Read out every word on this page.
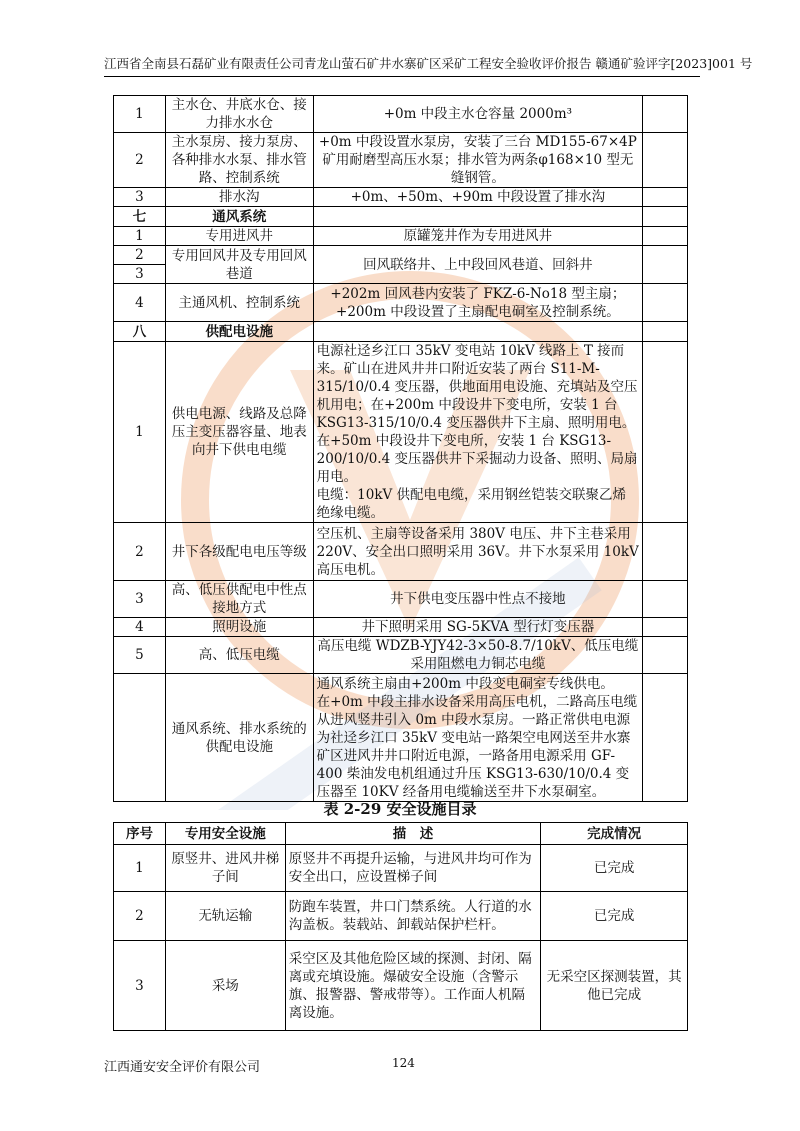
江西省全南县石磊矿业有限责任公司青龙山萤石矿井水寨矿区采矿工程安全验收评价报告 赣通矿验评字[2023]001 号
1	主水仓、井底水仓、接力排水水仓	+0m 中段主水仓容量 2000m³	
2	主水泵房、接力泵房、各种排水水泵、排水管路、控制系统	+0m 中段设置水泵房，安装了三台 MD155-67×4P 矿用耐磨型高压水泵；排水管为两条φ168×10 型无缝钢管。	
3	排水沟	+0m、+50m、+90m 中段设置了排水沟	
七	通风系统		
1	专用进风井	原罐笼井作为专用进风井	
2	专用回风井及专用回风巷道	回风联络井、上中段回风巷道、回斜井	
3			
4	主通风机、控制系统	+202m 回风巷内安装了 FKZ-6-No18 型主扇；+200m 中段设置了主扇配电硐室及控制系统。	
八	供配电设施		
1	供电电源、线路及总降压主变压器容量、地表向井下供电电缆	电源社迳乡江口 35kV 变电站 10kV 线路上 T 接而来。矿山在进风井井口附近安装了两台 S11-M-315/10/0.4 变压器，供地面用电设施、充填站及空压机用电；在+200m 中段设井下变电所，安装 1 台 KSG13-315/10/0.4 变压器供井下主扇、照明用电。在+50m 中段设井下变电所，安装 1 台 KSG13-200/10/0.4 变压器供井下采掘动力设备、照明、局扇用电。
电缆：10kV 供配电电缆，采用钢丝铠装交联聚乙烯绝缘电缆。	

2	井下各级配电电压等级	空压机、主扇等设备采用 380V 电压、井下主巷采用 220V、安全出口照明采用 36V。井下水泵采用 10kV 高压电机。	
3	高、低压供配电中性点接地方式	井下供电变压器中性点不接地	
4	照明设施	井下照明采用 SG-5KVA 型行灯变压器	
5	高、低压电缆	高压电缆 WDZB-YJY42-3×50-8.7/10kV、低压电缆采用阻燃电力铜芯电缆	
	通风系统、排水系统的供配电设施	通风系统主扇由+200m 中段变电硐室专线供电。
在+0m 中段主排水设备采用高压电机，二路高压电缆从进风竖井引入 0m 中段水泵房。一路正常供电电源为社迳乡江口 35kV 变电站一路架空电网送至井水寨矿区进风井井口附近电源，一路备用电源采用 GF-400 柴油发电机组通过升压 KSG13-630/10/0.4 变压器至 10KV 经备用电缆输送至井下水泵硐室。	

表 2-29 安全设施目录
序号	专用安全设施	描　述	完成情况
1	原竖井、进风井梯子间	原竖井不再提升运输，与进风井均可作为安全出口，应设置梯子间	已完成
2	无轨运输	防跑车装置，井口门禁系统。人行道的水沟盖板。装载站、卸载站保护栏杆。	已完成
3	采场	采空区及其他危险区域的探测、封闭、隔离或充填设施。爆破安全设施（含警示旗、报警器、警戒带等）。工作面人机隔离设施。	无采空区探测装置，其他已完成
江西通安安全评价有限公司	124
